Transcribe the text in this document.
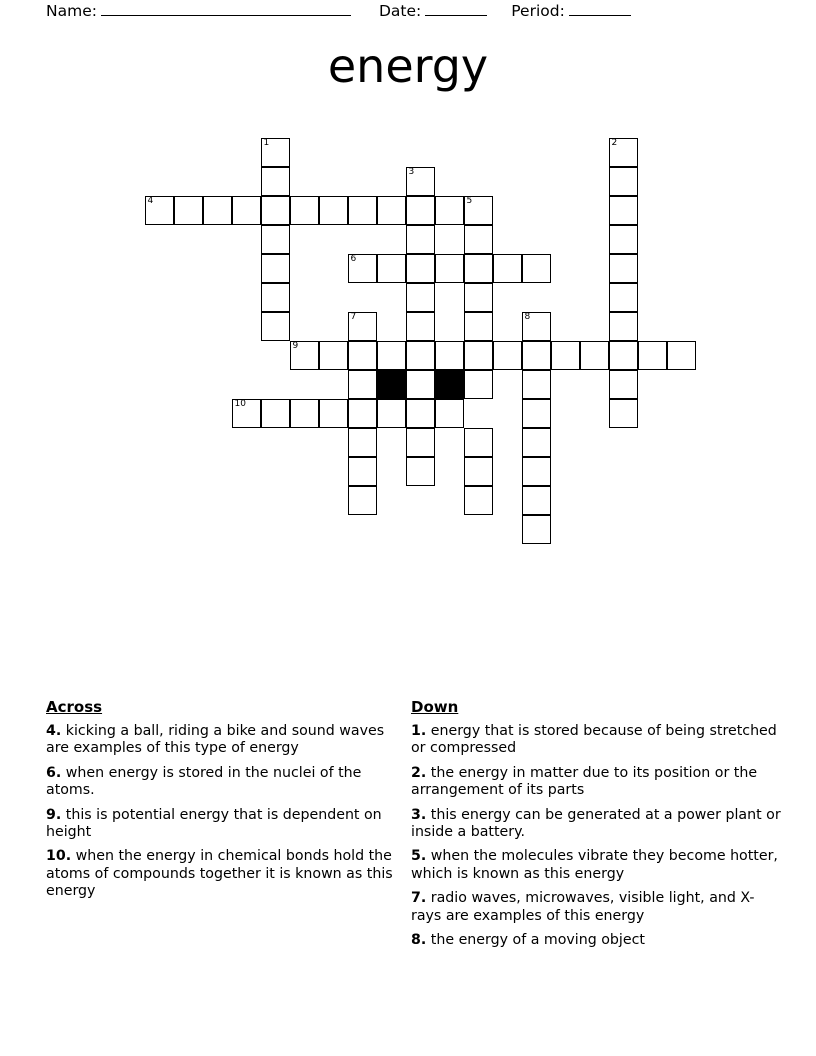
Name:	Date:	Period:
energy
1	2
3
4	5
6
7	8
9
10
Across
4. kicking a ball, riding a bike and sound waves are examples of this type of energy
6. when energy is stored in the nuclei of the atoms.
9. this is potential energy that is dependent on height
10. when the energy in chemical bonds hold the atoms of compounds together it is known as this energy
Down
1. energy that is stored because of being stretched or compressed
2. the energy in matter due to its position or the arrangement of its parts
3. this energy can be generated at a power plant or inside a battery.
5. when the molecules vibrate they become hotter, which is known as this energy
7. radio waves, microwaves, visible light, and X-rays are examples of this energy
8. the energy of a moving object
